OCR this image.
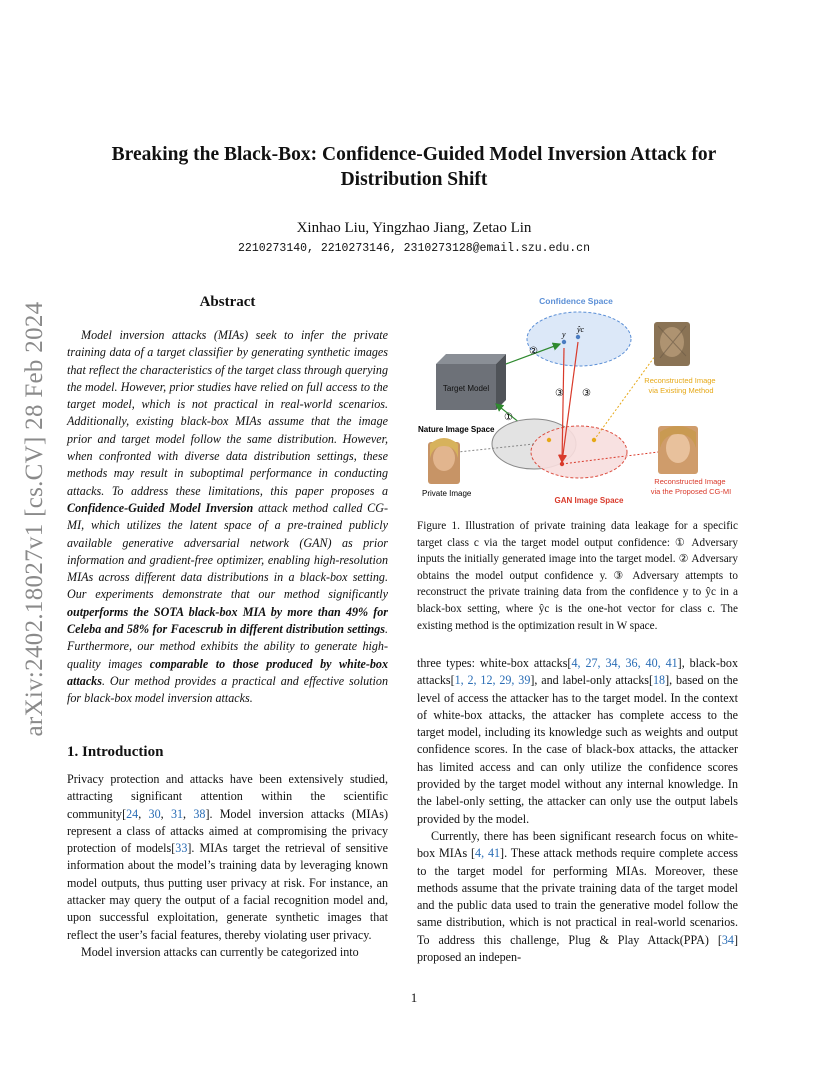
arXiv:2402.18027v1 [cs.CV] 28 Feb 2024
Breaking the Black-Box: Confidence-Guided Model Inversion Attack for Distribution Shift
Xinhao Liu, Yingzhao Jiang, Zetao Lin
2210273140, 2210273146, 2310273128@email.szu.edu.cn
Abstract

Model inversion attacks (MIAs) seek to infer the private training data of a target classifier by generating synthetic images that reflect the characteristics of the target class through querying the model. However, prior studies have relied on full access to the target model, which is not practical in real-world scenarios. Additionally, existing black-box MIAs assume that the image prior and target model follow the same distribution. However, when confronted with diverse data distribution settings, these methods may result in suboptimal performance in conducting attacks. To address these limitations, this paper proposes a Confidence-Guided Model Inversion attack method called CG-MI, which utilizes the latent space of a pre-trained publicly available generative adversarial network (GAN) as prior information and gradient-free optimizer, enabling high-resolution MIAs across different data distributions in a black-box setting. Our experiments demonstrate that our method significantly outperforms the SOTA black-box MIA by more than 49% for Celeba and 58% for Facescrub in different distribution settings. Furthermore, our method exhibits the ability to generate high-quality images comparable to those produced by white-box attacks. Our method provides a practical and effective solution for black-box model inversion attacks.

1. Introduction

Privacy protection and attacks have been extensively studied, attracting significant attention within the scientific community[24, 30, 31, 38]. Model inversion attacks (MIAs) represent a class of attacks aimed at compromising the privacy protection of models[33]. MIAs target the retrieval of sensitive information about the model’s training data by leveraging known model outputs, thus putting user privacy at risk. For instance, an attacker may query the output of a facial recognition model and, upon successful exploitation, generate synthetic images that reflect the user’s facial features, thereby violating user privacy.

Model inversion attacks can currently be categorized into

Confidence Space
y
ŷc
Target Model
②
①
Nature Image Space
GAN Image Space
③ ③
Private Image
Reconstructed Image via Existing Method
Reconstructed Image via the Proposed CG-MI

Figure 1. Illustration of private training data leakage for a specific target class c via the target model output confidence: ① Adversary inputs the initially generated image into the target model. ② Adversary obtains the model output confidence y. ③ Adversary attempts to reconstruct the private training data from the confidence y to ŷc in a black-box setting, where ŷc is the one-hot vector for class c. The existing method is the optimization result in W space.

three types: white-box attacks[4, 27, 34, 36, 40, 41], black-box attacks[1, 2, 12, 29, 39], and label-only attacks[18], based on the level of access the attacker has to the target model. In the context of white-box attacks, the attacker has complete access to the target model, including its knowledge such as weights and output confidence scores. In the case of black-box attacks, the attacker has limited access and can only utilize the confidence scores provided by the target model without any internal knowledge. In the label-only setting, the attacker can only use the output labels provided by the model.

Currently, there has been significant research focus on white-box MIAs [4, 41]. These attack methods require complete access to the target model for performing MIAs. Moreover, these methods assume that the private training data of the target model and the public data used to train the generative model follow the same distribution, which is not practical in real-world scenarios. To address this challenge, Plug & Play Attack(PPA) [34] proposed an indepen-

1
